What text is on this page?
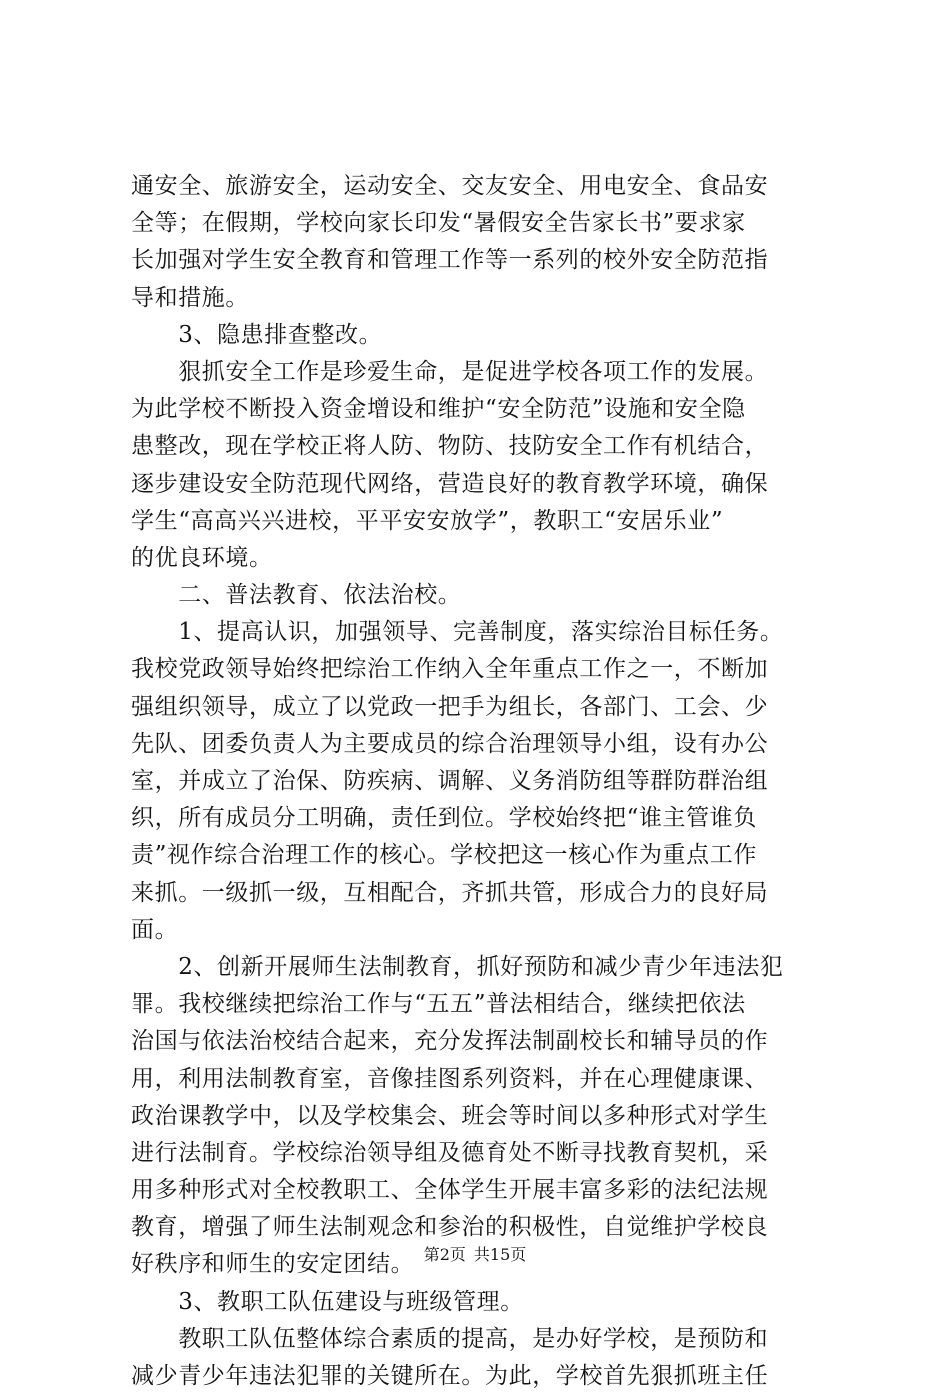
通安全、旅游安全，运动安全、交友安全、用电安全、食品安
全等；在假期，学校向家长印发“暑假安全告家长书”要求家
长加强对学生安全教育和管理工作等一系列的校外安全防范指
导和措施。
　　3、隐患排查整改。
　　狠抓安全工作是珍爱生命，是促进学校各项工作的发展。
为此学校不断投入资金增设和维护“安全防范”设施和安全隐
患整改，现在学校正将人防、物防、技防安全工作有机结合，
逐步建设安全防范现代网络，营造良好的教育教学环境，确保
学生“高高兴兴进校，平平安安放学”，教职工“安居乐业”
的优良环境。
　　二、普法教育、依法治校。
　　1、提高认识，加强领导、完善制度，落实综治目标任务。
我校党政领导始终把综治工作纳入全年重点工作之一，不断加
强组织领导，成立了以党政一把手为组长，各部门、工会、少
先队、团委负责人为主要成员的综合治理领导小组，设有办公
室，并成立了治保、防疾病、调解、义务消防组等群防群治组
织，所有成员分工明确，责任到位。学校始终把“谁主管谁负
责”视作综合治理工作的核心。学校把这一核心作为重点工作
来抓。一级抓一级，互相配合，齐抓共管，形成合力的良好局
面。
　　2、创新开展师生法制教育，抓好预防和减少青少年违法犯
罪。我校继续把综治工作与“五五”普法相结合，继续把依法
治国与依法治校结合起来，充分发挥法制副校长和辅导员的作
用，利用法制教育室，音像挂图系列资料，并在心理健康课、
政治课教学中，以及学校集会、班会等时间以多种形式对学生
进行法制育。学校综治领导组及德育处不断寻找教育契机，采
用多种形式对全校教职工、全体学生开展丰富多彩的法纪法规
教育，增强了师生法制观念和参治的积极性，自觉维护学校良
好秩序和师生的安定团结。
　　3、教职工队伍建设与班级管理。
　　教职工队伍整体综合素质的提高，是办好学校，是预防和
减少青少年违法犯罪的关键所在。为此，学校首先狠抓班主任
第2页 共15页
